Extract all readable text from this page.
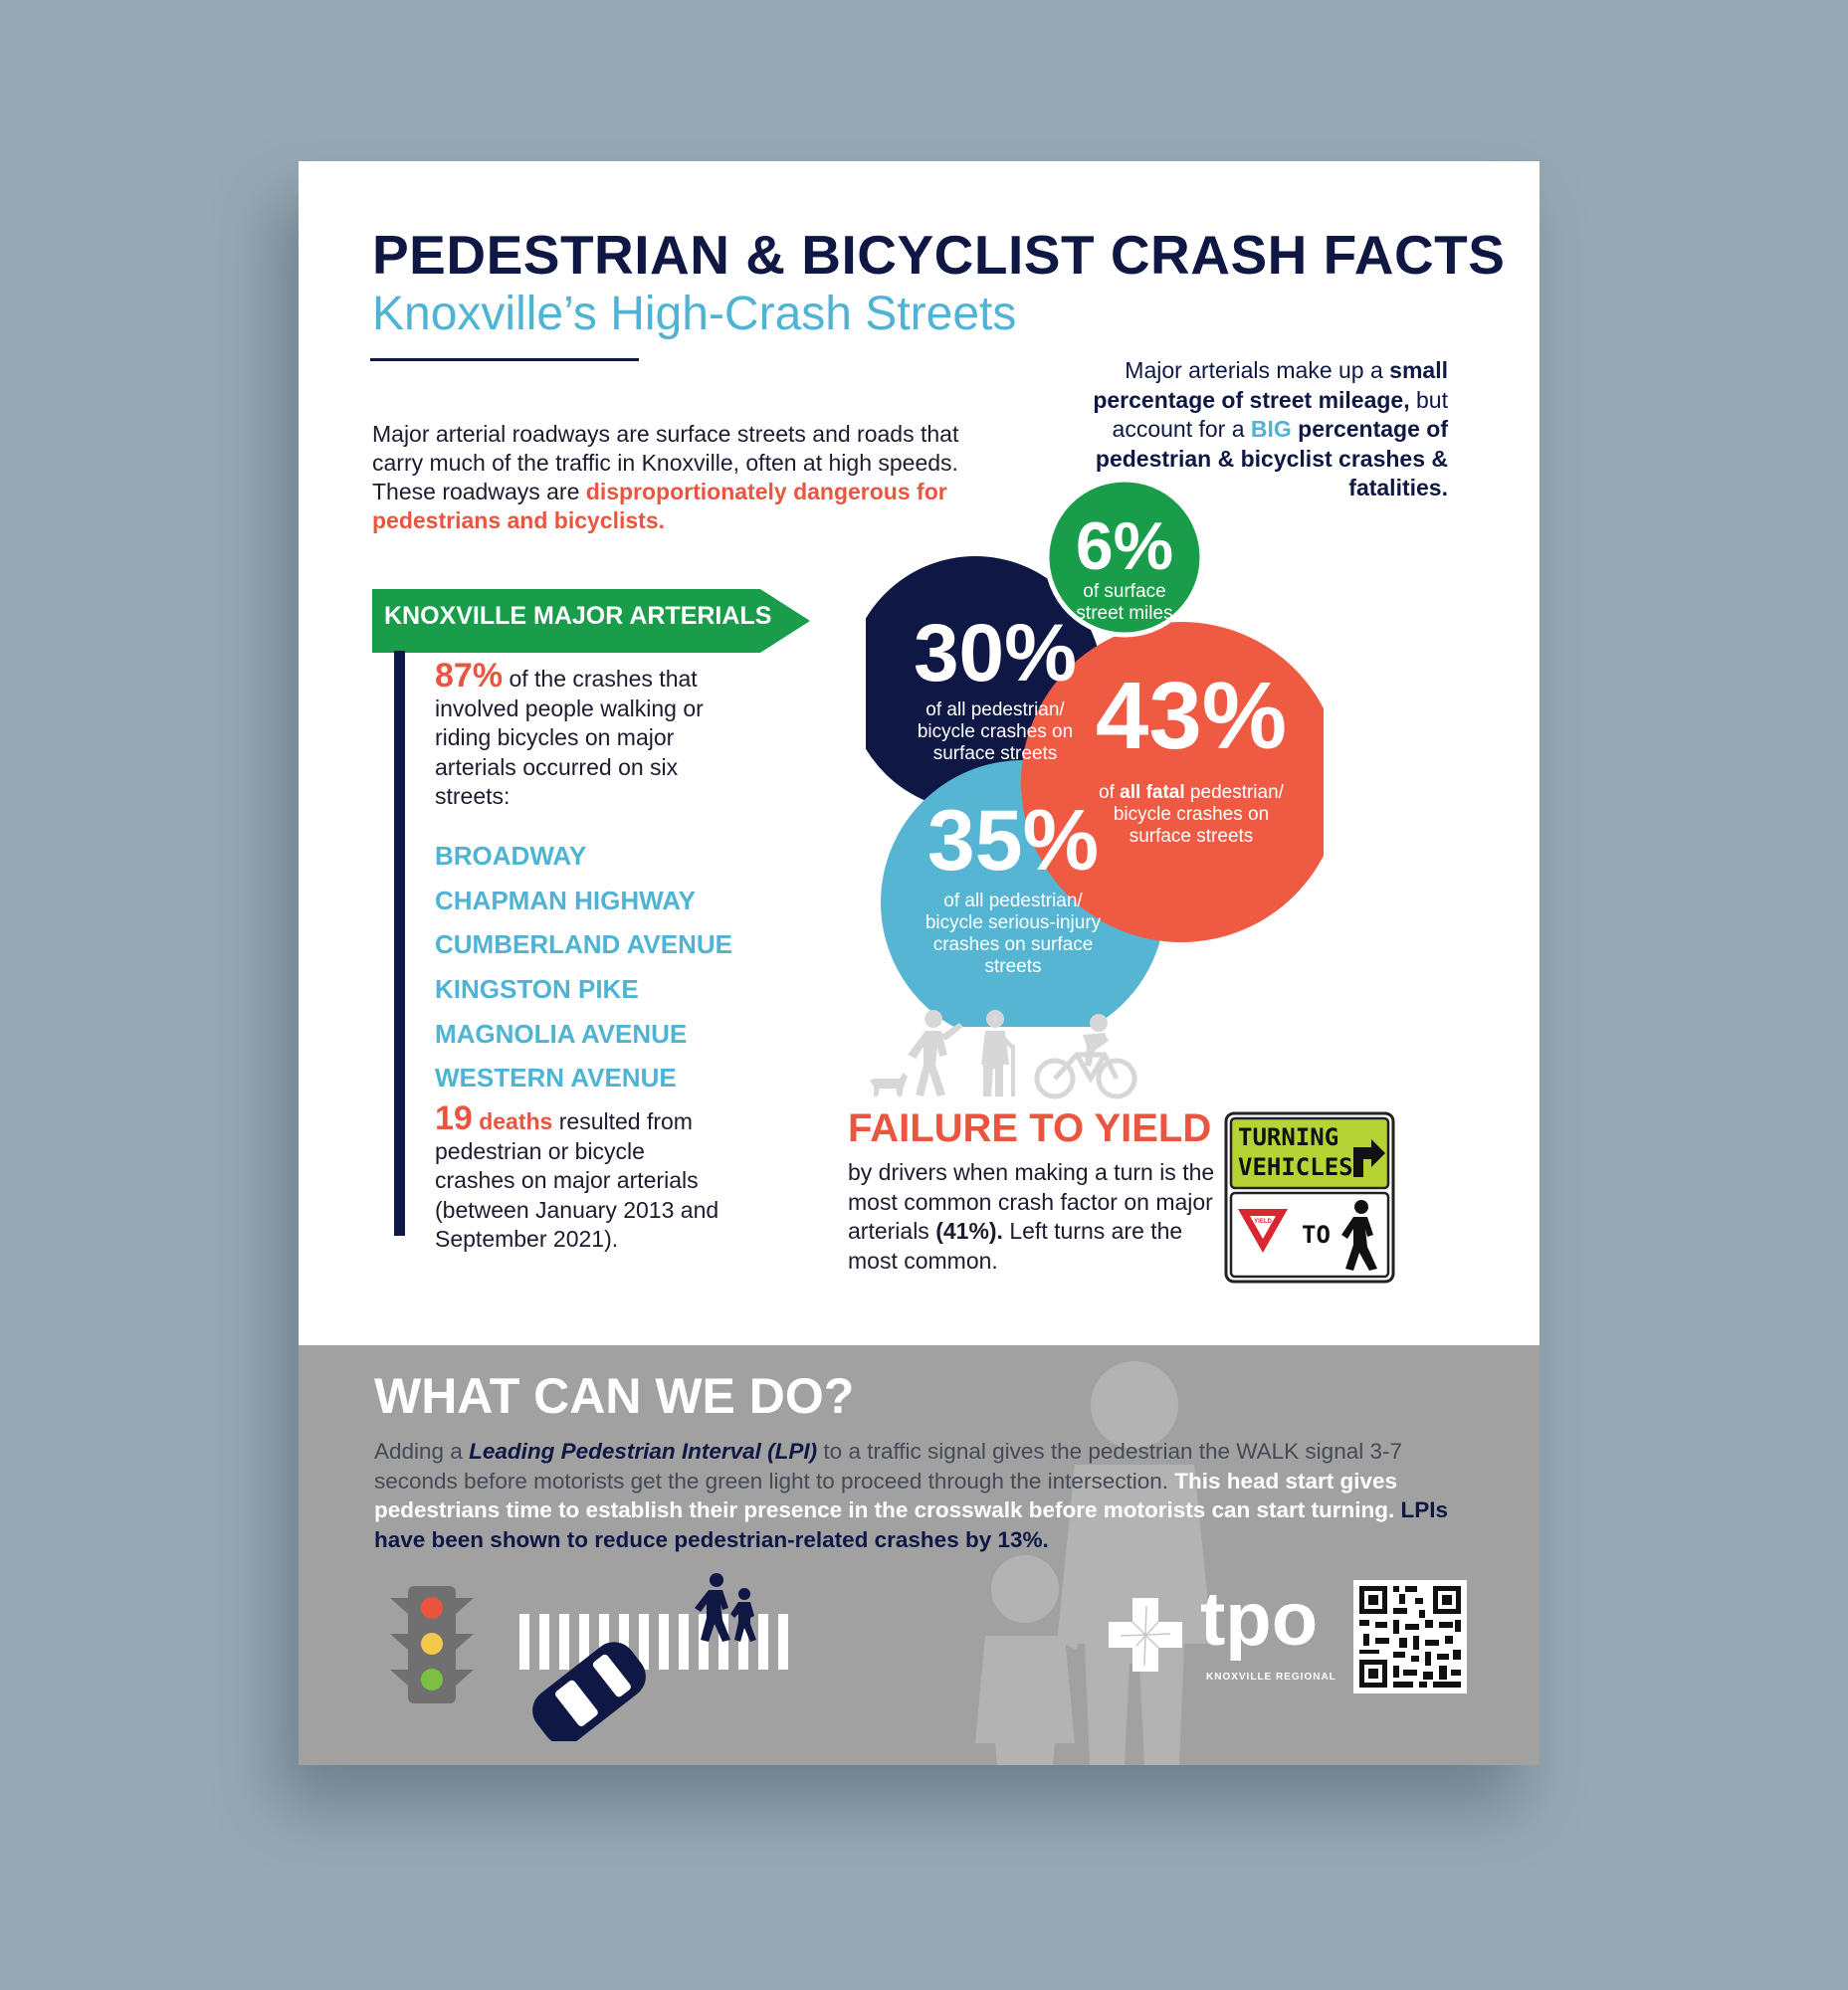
PEDESTRIAN & BICYCLIST CRASH FACTS
Knoxville’s High-Crash Streets
Major arterial roadways are surface streets and roads that carry much of the traffic in Knoxville, often at high speeds. These roadways are disproportionately dangerous for pedestrians and bicyclists.
Major arterials make up a small percentage of street mileage, but account for a BIG percentage of pedestrian & bicyclist crashes & fatalities.
KNOXVILLE MAJOR ARTERIALS
87% of the crashes that involved people walking or riding bicycles on major arterials occurred on six streets:
BROADWAY
CHAPMAN HIGHWAY
CUMBERLAND AVENUE
KINGSTON PIKE
MAGNOLIA AVENUE
WESTERN AVENUE
19 deaths resulted from pedestrian or bicycle crashes on major arterials (between January 2013 and September 2021).
6%
of surface
street miles
30%
of all pedestrian/
bicycle crashes on
surface streets 43%
of all fatal pedestrian/
bicycle crashes on
surface streets
35%
of all pedestrian/
bicycle serious-injury
crashes on surface
streets
FAILURE TO YIELD
by drivers when making a turn is the most common crash factor on major arterials (41%). Left turns are the most common.
TURNING
VEHICLES
YIELD TO
WHAT CAN WE DO?
Adding a Leading Pedestrian Interval (LPI) to a traffic signal gives the pedestrian the WALK signal 3-7 seconds before motorists get the green light to proceed through the intersection. This head start gives pedestrians time to establish their presence in the crosswalk before motorists can start turning. LPIs have been shown to reduce pedestrian-related crashes by 13%.
tpo
KNOXVILLE REGIONAL
